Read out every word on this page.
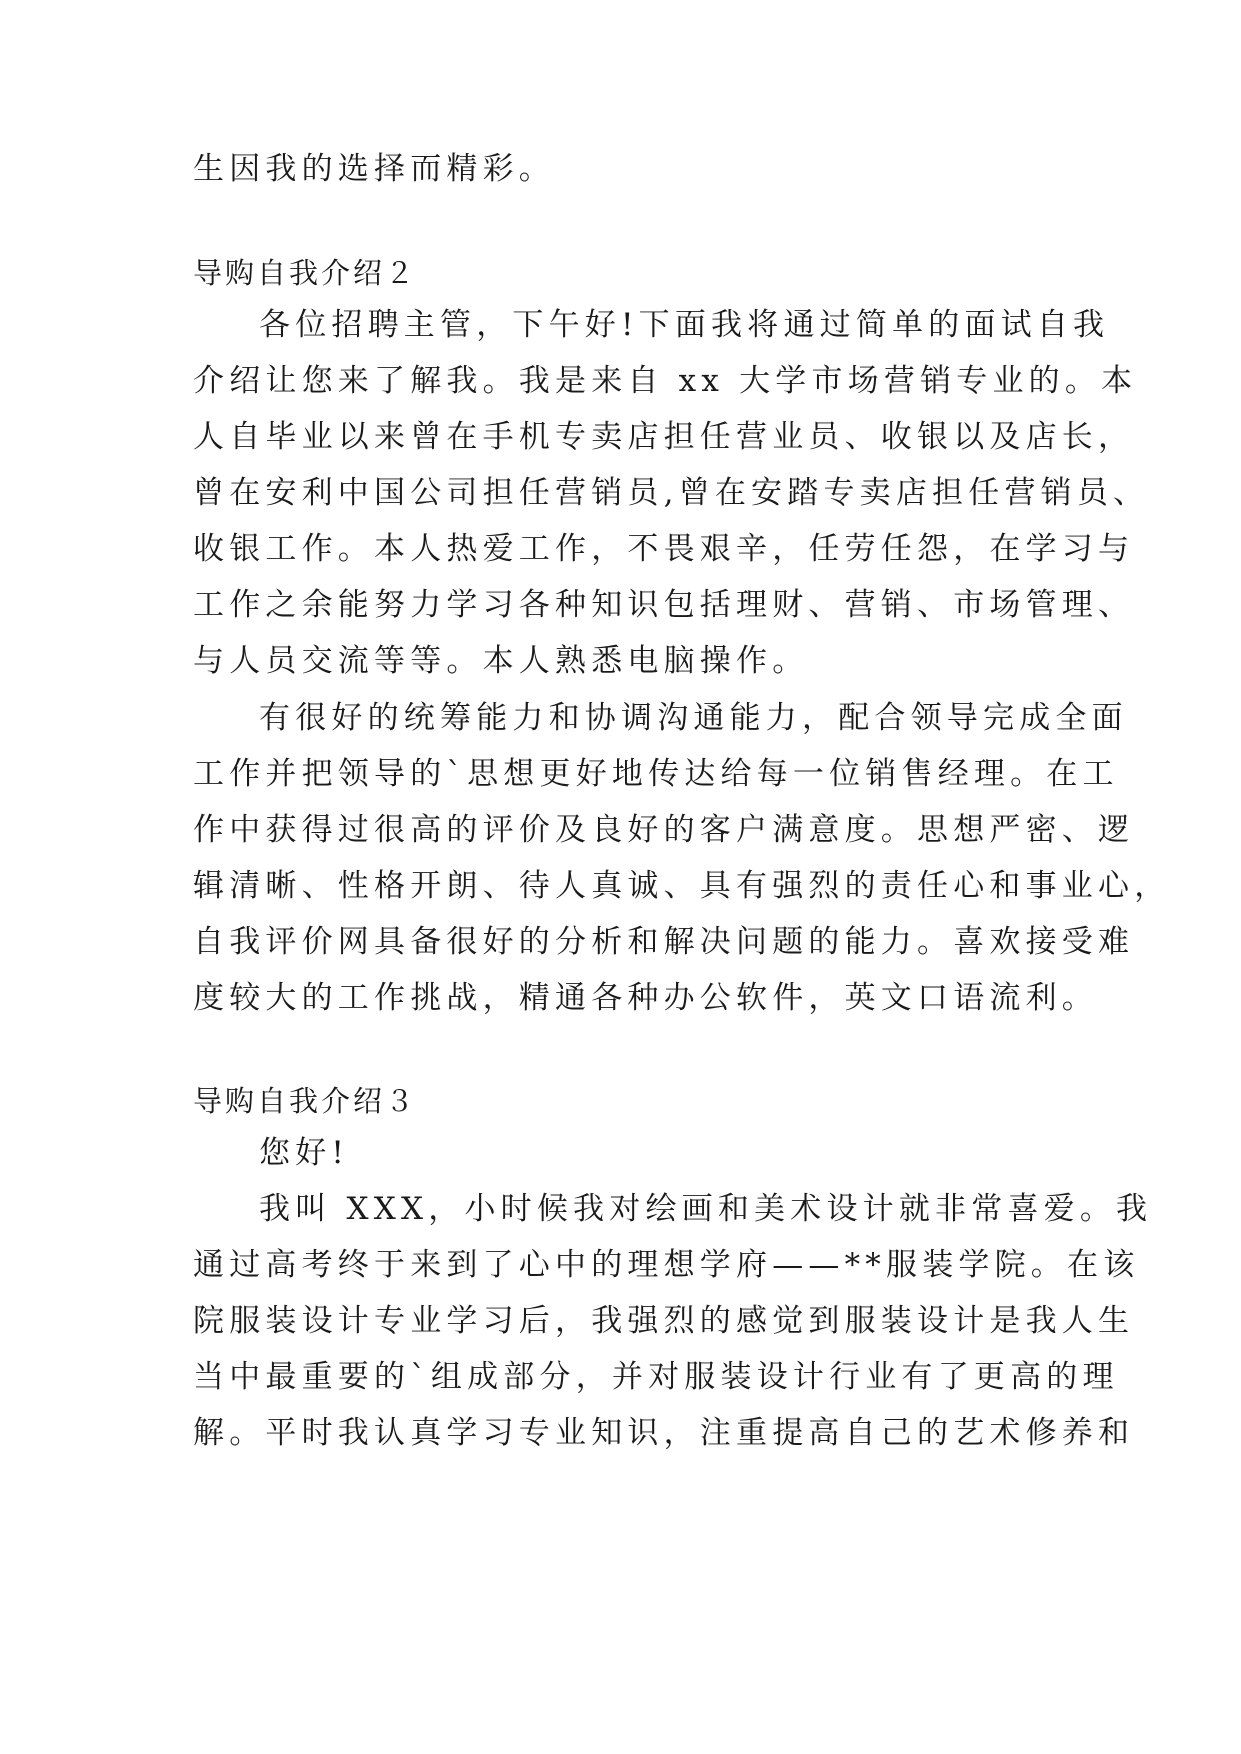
生因我的选择而精彩。
导购自我介绍２
各位招聘主管，下午好!下面我将通过简单的面试自我
介绍让您来了解我。我是来自 xx 大学市场营销专业的。本
人自毕业以来曾在手机专卖店担任营业员、收银以及店长，
曾在安利中国公司担任营销员,曾在安踏专卖店担任营销员、
收银工作。本人热爱工作，不畏艰辛，任劳任怨，在学习与
工作之余能努力学习各种知识包括理财、营销、市场管理、
与人员交流等等。本人熟悉电脑操作。
有很好的统筹能力和协调沟通能力，配合领导完成全面
工作并把领导的`思想更好地传达给每一位销售经理。在工
作中获得过很高的评价及良好的客户满意度。思想严密、逻
辑清晰、性格开朗、待人真诚、具有强烈的责任心和事业心，
自我评价网具备很好的分析和解决问题的能力。喜欢接受难
度较大的工作挑战，精通各种办公软件，英文口语流利。
导购自我介绍３
您好!
我叫 XXX，小时候我对绘画和美术设计就非常喜爱。我
通过高考终于来到了心中的理想学府——**服装学院。在该
院服装设计专业学习后，我强烈的感觉到服装设计是我人生
当中最重要的`组成部分，并对服装设计行业有了更高的理
解。平时我认真学习专业知识，注重提高自己的艺术修养和
